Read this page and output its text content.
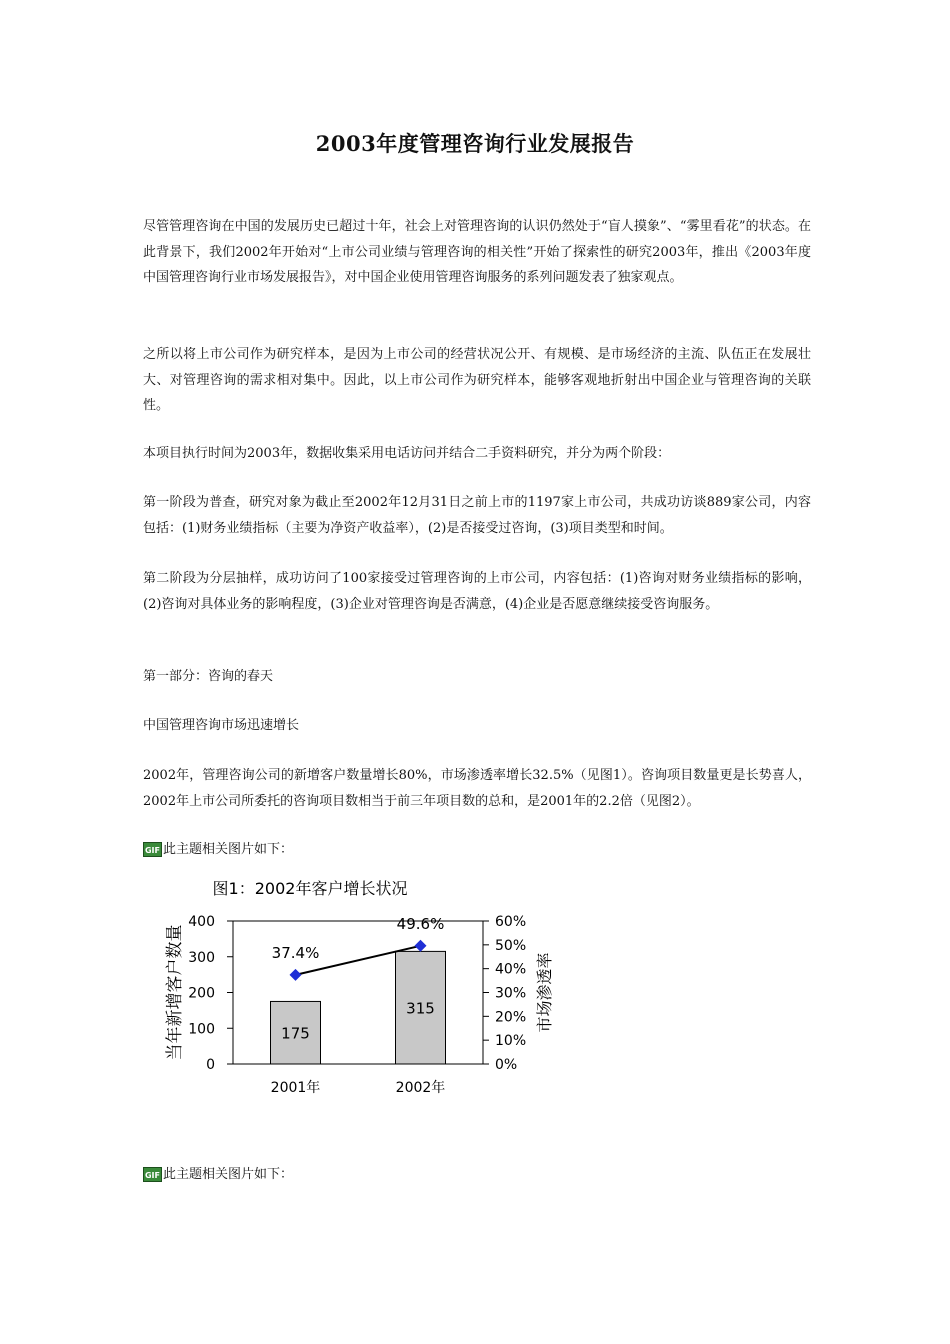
2003年度管理咨询行业发展报告

尽管管理咨询在中国的发展历史已超过十年，社会上对管理咨询的认识仍然处于“盲人摸象”、“雾里看花”的状态。在此背景下，我们2002年开始对“上市公司业绩与管理咨询的相关性”开始了探索性的研究2003年，推出《2003年度中国管理咨询行业市场发展报告》，对中国企业使用管理咨询服务的系列问题发表了独家观点。

之所以将上市公司作为研究样本，是因为上市公司的经营状况公开、有规模、是市场经济的主流、队伍正在发展壮大、对管理咨询的需求相对集中。因此，以上市公司作为研究样本，能够客观地折射出中国企业与管理咨询的关联性。

本项目执行时间为2003年，数据收集采用电话访问并结合二手资料研究，并分为两个阶段：

第一阶段为普查，研究对象为截止至2002年12月31日之前上市的1197家上市公司，共成功访谈889家公司，内容包括：(1)财务业绩指标（主要为净资产收益率），(2)是否接受过咨询，(3)项目类型和时间。

第二阶段为分层抽样，成功访问了100家接受过管理咨询的上市公司，内容包括：(1)咨询对财务业绩指标的影响，(2)咨询对具体业务的影响程度，(3)企业对管理咨询是否满意，(4)企业是否愿意继续接受咨询服务。

第一部分：咨询的春天

中国管理咨询市场迅速增长

2002年，管理咨询公司的新增客户数量增长80%，市场渗透率增长32.5%（见图1）。咨询项目数量更是长势喜人，2002年上市公司所委托的咨询项目数相当于前三年项目数的总和，是2001年的2.2倍（见图2）。

GIF 此主题相关图片如下：
图1：2002年客户增长状况
0
100
200
300
400
0%
10%
20%
30%
40%
50%
60%
当年新增客户数量	市场渗透率
175
2001年
315
2002年
37.4%
49.6%
GIF 此主题相关图片如下：
